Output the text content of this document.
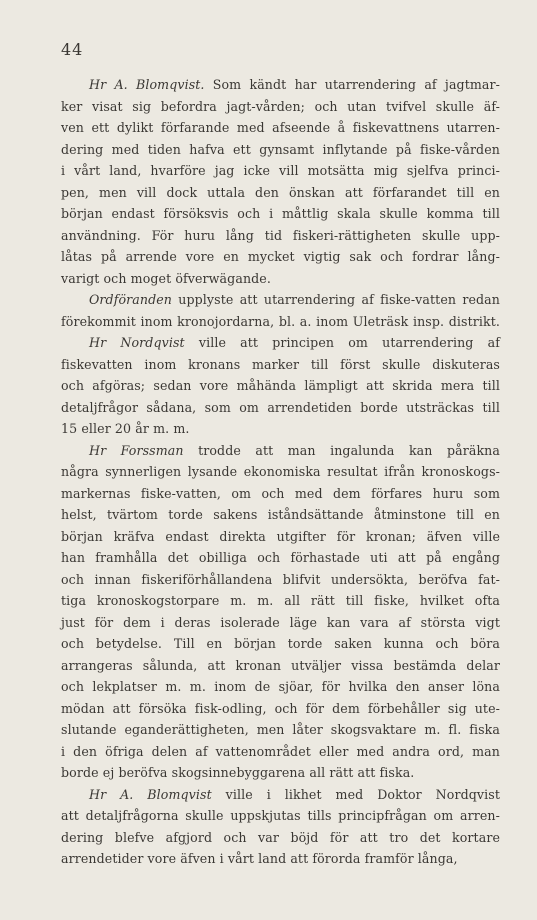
44
Hr A. Blomqvist. Som kändt har utarrendering af jagtmar-
ker visat sig befordra jagt-vården; och utan tvifvel skulle äf-
ven ett dylikt förfarande med afseende å fiskevattnens utarren-
dering med tiden hafva ett gynsamt inflytande på fiske-vården
i vårt land, hvarföre jag icke vill motsätta mig sjelfva princi-
pen, men vill dock uttala den önskan att förfarandet till en
början endast försöksvis och i måttlig skala skulle komma till
användning. För huru lång tid fiskeri-rättigheten skulle upp-
låtas på arrende vore en mycket vigtig sak och fordrar lång-
varigt och moget öfverwägande.
Ordföranden upplyste att utarrendering af fiske-vatten redan
förekommit inom kronojordarna, bl. a. inom Uleträsk insp. distrikt.
Hr Nordqvist ville att principen om utarrendering af
fiskevatten inom kronans marker till först skulle diskuteras
och afgöras; sedan vore måhända lämpligt att skrida mera till
detaljfrågor sådana, som om arrendetiden borde utsträckas till
15 eller 20 år m. m.
Hr Forssman trodde att man ingalunda kan påräkna
några synnerligen lysande ekonomiska resultat ifrån kronoskogs-
markernas fiske-vatten, om och med dem förfares huru som
helst, tvärtom torde sakens iståndsättande åtminstone till en
början kräfva endast direkta utgifter för kronan; äfven ville
han framhålla det obilliga och förhastade uti att på engång
och innan fiskeriförhållandena blifvit undersökta, beröfva fat-
tiga kronoskogstorpare m. m. all rätt till fiske, hvilket ofta
just för dem i deras isolerade läge kan vara af största vigt
och betydelse. Till en början torde saken kunna och böra
arrangeras sålunda, att kronan utväljer vissa bestämda delar
och lekplatser m. m. inom de sjöar, för hvilka den anser löna
mödan att försöka fisk-odling, och för dem förbehåller sig ute-
slutande eganderättigheten, men låter skogsvaktare m. fl. fiska
i den öfriga delen af vattenområdet eller med andra ord, man
borde ej beröfva skogsinnebyggarena all rätt att fiska.
Hr A. Blomqvist ville i likhet med Doktor Nordqvist
att detaljfrågorna skulle uppskjutas tills principfrågan om arren-
dering blefve afgjord och var böjd för att tro det kortare
arrendetider vore äfven i vårt land att förorda framför långa,
